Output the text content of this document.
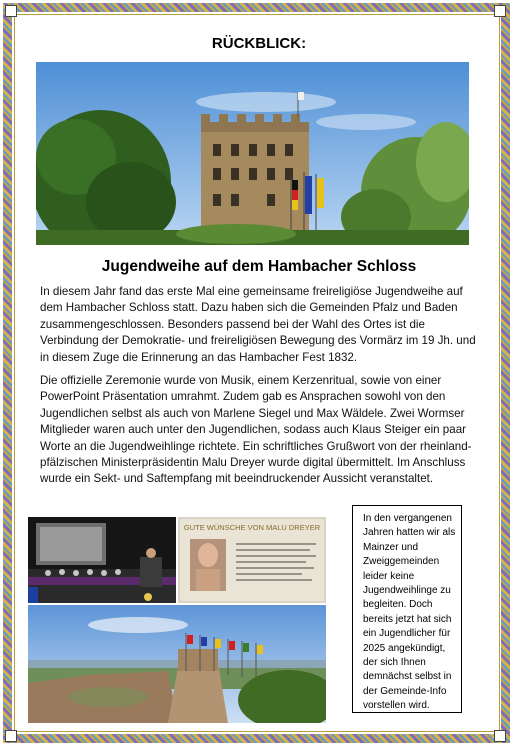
RÜCKBLICK:
Jugendweihe auf dem Hambacher Schloss

In diesem Jahr fand das erste Mal eine gemeinsame freireligiöse Jugendweihe auf dem Hambacher Schloss statt. Dazu haben sich die Gemeinden Pfalz und Baden zusammengeschlossen. Besonders passend bei der Wahl des Ortes ist die Verbindung der Demokratie- und freireligiösen Bewegung des Vormärz im 19 Jh. und in diesem Zuge die Erinnerung an das Hambacher Fest 1832.

Die offizielle Zeremonie wurde von Musik, einem Kerzenritual, sowie von einer PowerPoint Präsentation umrahmt. Zudem gab es Ansprachen sowohl von den Jugendlichen selbst als auch von Marlene Siegel und Max Wäldele. Zwei Wormser Mitglieder waren auch unter den Jugendlichen, sodass auch Klaus Steiger ein paar Worte an die Jugendweihlinge richtete. Ein schriftliches Grußwort von der rheinland-pfälzischen Ministerpräsidentin Malu Dreyer wurde digital übermittelt. Im Anschluss wurde ein Sekt- und Saftempfang mit beeindruckender Aussicht veranstaltet.

GUTE WÜNSCHE VON MALU DREYER
In den vergangenen Jahren hatten wir als Mainzer und Zweiggemeinden leider keine Jugendweihlinge zu begleiten. Doch bereits jetzt hat sich ein Jugendlicher für 2025 angekündigt, der sich Ihnen demnächst selbst in der Gemeinde-Info vorstellen wird.
